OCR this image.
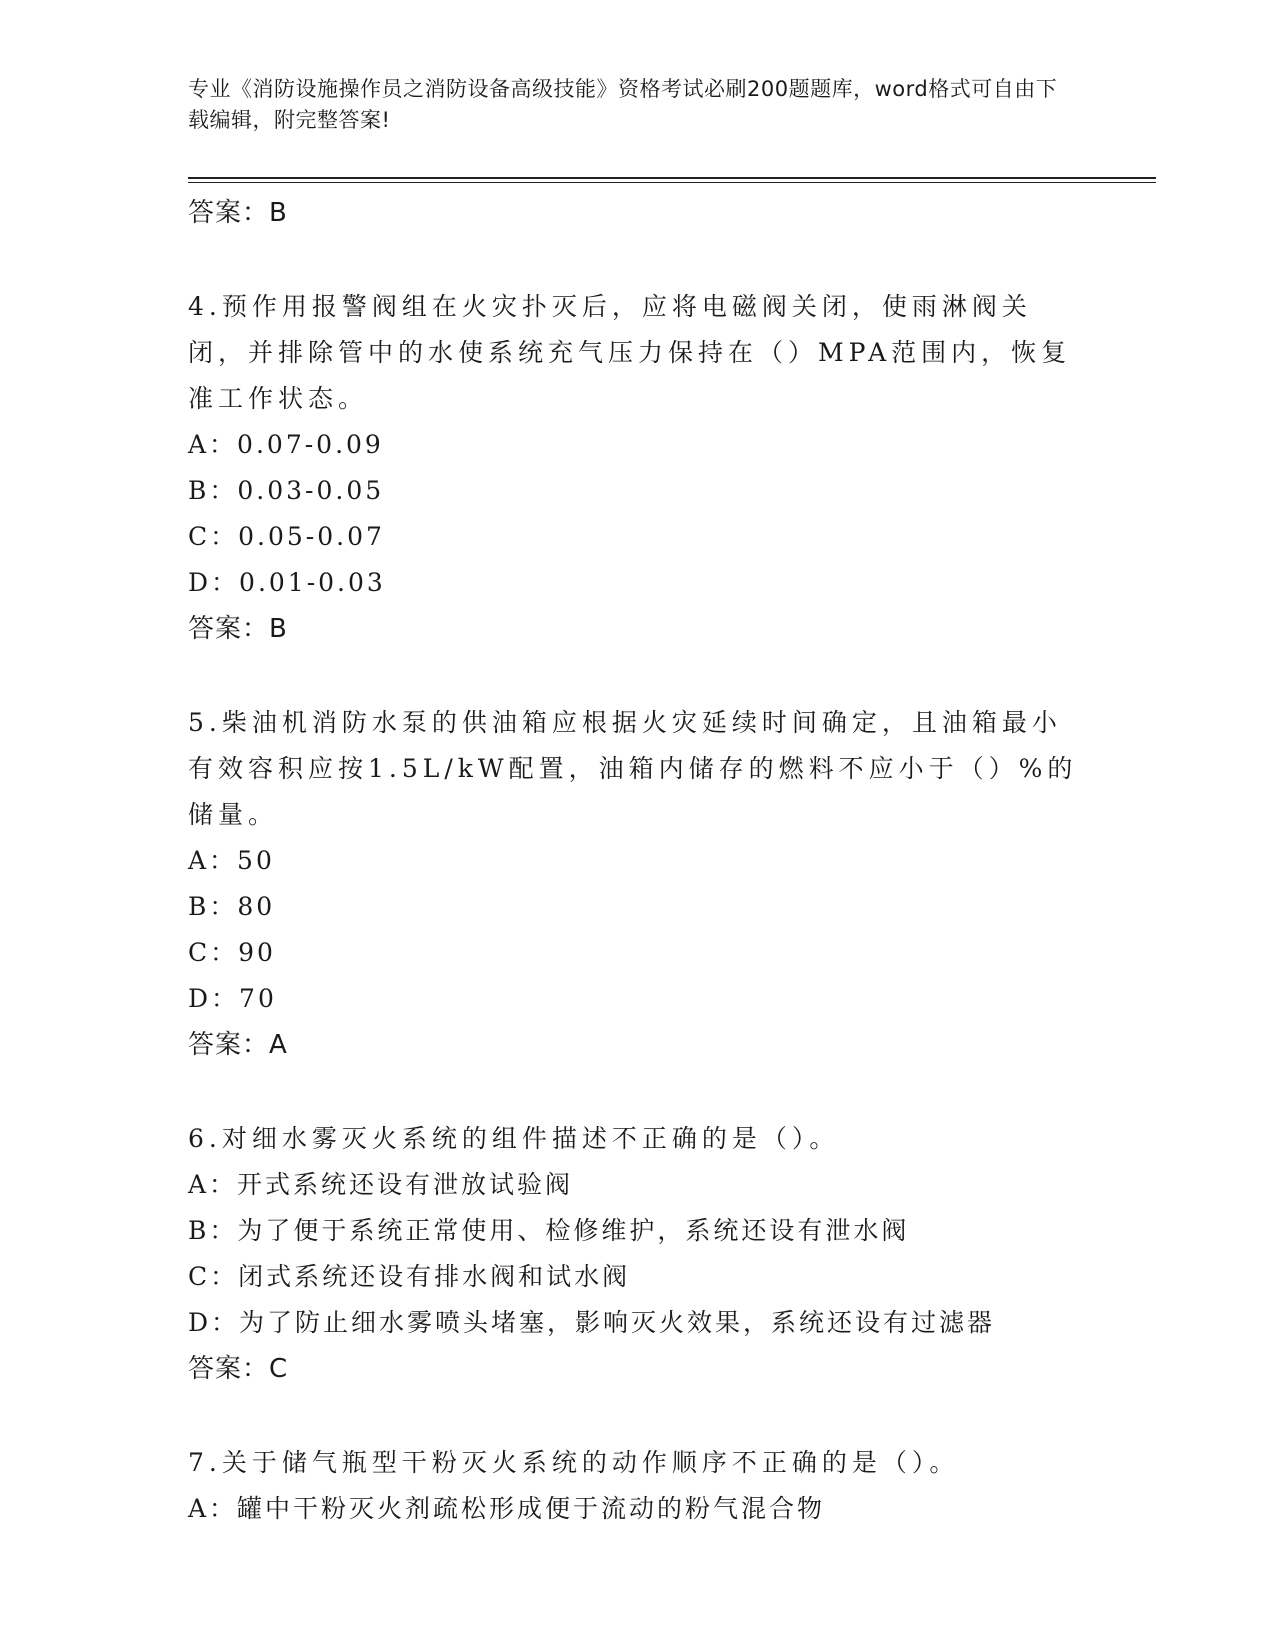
专业《消防设施操作员之消防设备高级技能》资格考试必刷200题题库，word格式可自由下载编辑，附完整答案!
答案：B
4.预作用报警阀组在火灾扑灭后，应将电磁阀关闭，使雨淋阀关闭，并排除管中的水使系统充气压力保持在（）MPA范围内，恢复准工作状态。
A：0.07-0.09
B：0.03-0.05
C：0.05-0.07
D：0.01-0.03
答案：B
5.柴油机消防水泵的供油箱应根据火灾延续时间确定，且油箱最小有效容积应按1.5L/kW配置，油箱内储存的燃料不应小于（）%的储量。
A：50
B：80
C：90
D：70
答案：A
6.对细水雾灭火系统的组件描述不正确的是（）。
A：开式系统还设有泄放试验阀
B：为了便于系统正常使用、检修维护，系统还设有泄水阀
C：闭式系统还设有排水阀和试水阀
D：为了防止细水雾喷头堵塞，影响灭火效果，系统还设有过滤器
答案：C
7.关于储气瓶型干粉灭火系统的动作顺序不正确的是（）。
A：罐中干粉灭火剂疏松形成便于流动的粉气混合物
